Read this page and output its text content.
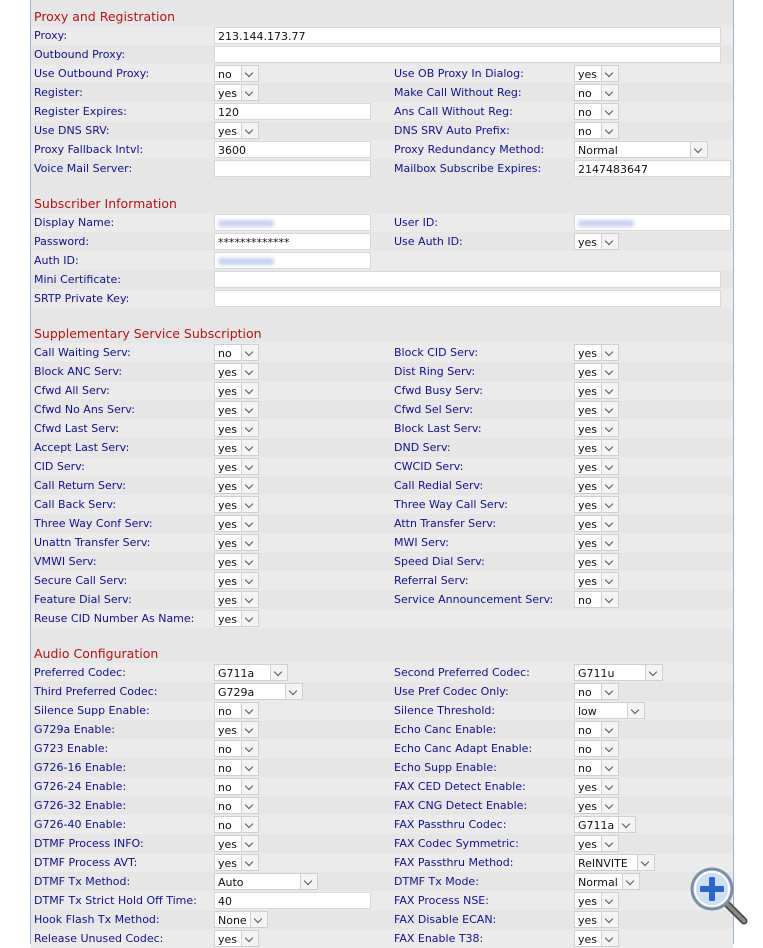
Proxy and Registration
Proxy:	213.144.173.77
Outbound Proxy:
Use Outbound Proxy:	no	Use OB Proxy In Dialog:	yes
Register:	yes	Make Call Without Reg:	no
Register Expires:	120	Ans Call Without Reg:	no
Use DNS SRV:	yes	DNS SRV Auto Prefix:	no
Proxy Fallback Intvl:	3600	Proxy Redundancy Method:	Normal
Voice Mail Server:	Mailbox Subscribe Expires:	2147483647
Subscriber Information
Display Name:	User ID:
Password:	*************	Use Auth ID:	yes
Auth ID:
Mini Certificate:
SRTP Private Key:
Supplementary Service Subscription
Call Waiting Serv:	no	Block CID Serv:	yes
Block ANC Serv:	yes	Dist Ring Serv:	yes
Cfwd All Serv:	yes	Cfwd Busy Serv:	yes
Cfwd No Ans Serv:	yes	Cfwd Sel Serv:	yes
Cfwd Last Serv:	yes	Block Last Serv:	yes
Accept Last Serv:	yes	DND Serv:	yes
CID Serv:	yes	CWCID Serv:	yes
Call Return Serv:	yes	Call Redial Serv:	yes
Call Back Serv:	yes	Three Way Call Serv:	yes
Three Way Conf Serv:	yes	Attn Transfer Serv:	yes
Unattn Transfer Serv:	yes	MWI Serv:	yes
VMWI Serv:	yes	Speed Dial Serv:	yes
Secure Call Serv:	yes	Referral Serv:	yes
Feature Dial Serv:	yes	Service Announcement Serv: no
Reuse CID Number As Name: yes
Audio Configuration
Preferred Codec:	G711a	Second Preferred Codec:	G711u
Third Preferred Codec:	G729a	Use Pref Codec Only:	no
Silence Supp Enable:	no	Silence Threshold:	low
G729a Enable:	yes	Echo Canc Enable:	no
G723 Enable:	no	Echo Canc Adapt Enable:	no
G726-16 Enable:	no	Echo Supp Enable:	no
G726-24 Enable:	no	FAX CED Detect Enable:	yes
G726-32 Enable:	no	FAX CNG Detect Enable:	yes
G726-40 Enable:	no	FAX Passthru Codec:	G711a
DTMF Process INFO:	yes	FAX Codec Symmetric:	yes
DTMF Process AVT:	yes	FAX Passthru Method:	ReINVITE
DTMF Tx Method:	Auto	DTMF Tx Mode:	Normal
DTMF Tx Strict Hold Off Time:	40	FAX Process NSE:	yes
Hook Flash Tx Method:	None	FAX Disable ECAN:	yes
Release Unused Codec:	yes	FAX Enable T38:	yes
